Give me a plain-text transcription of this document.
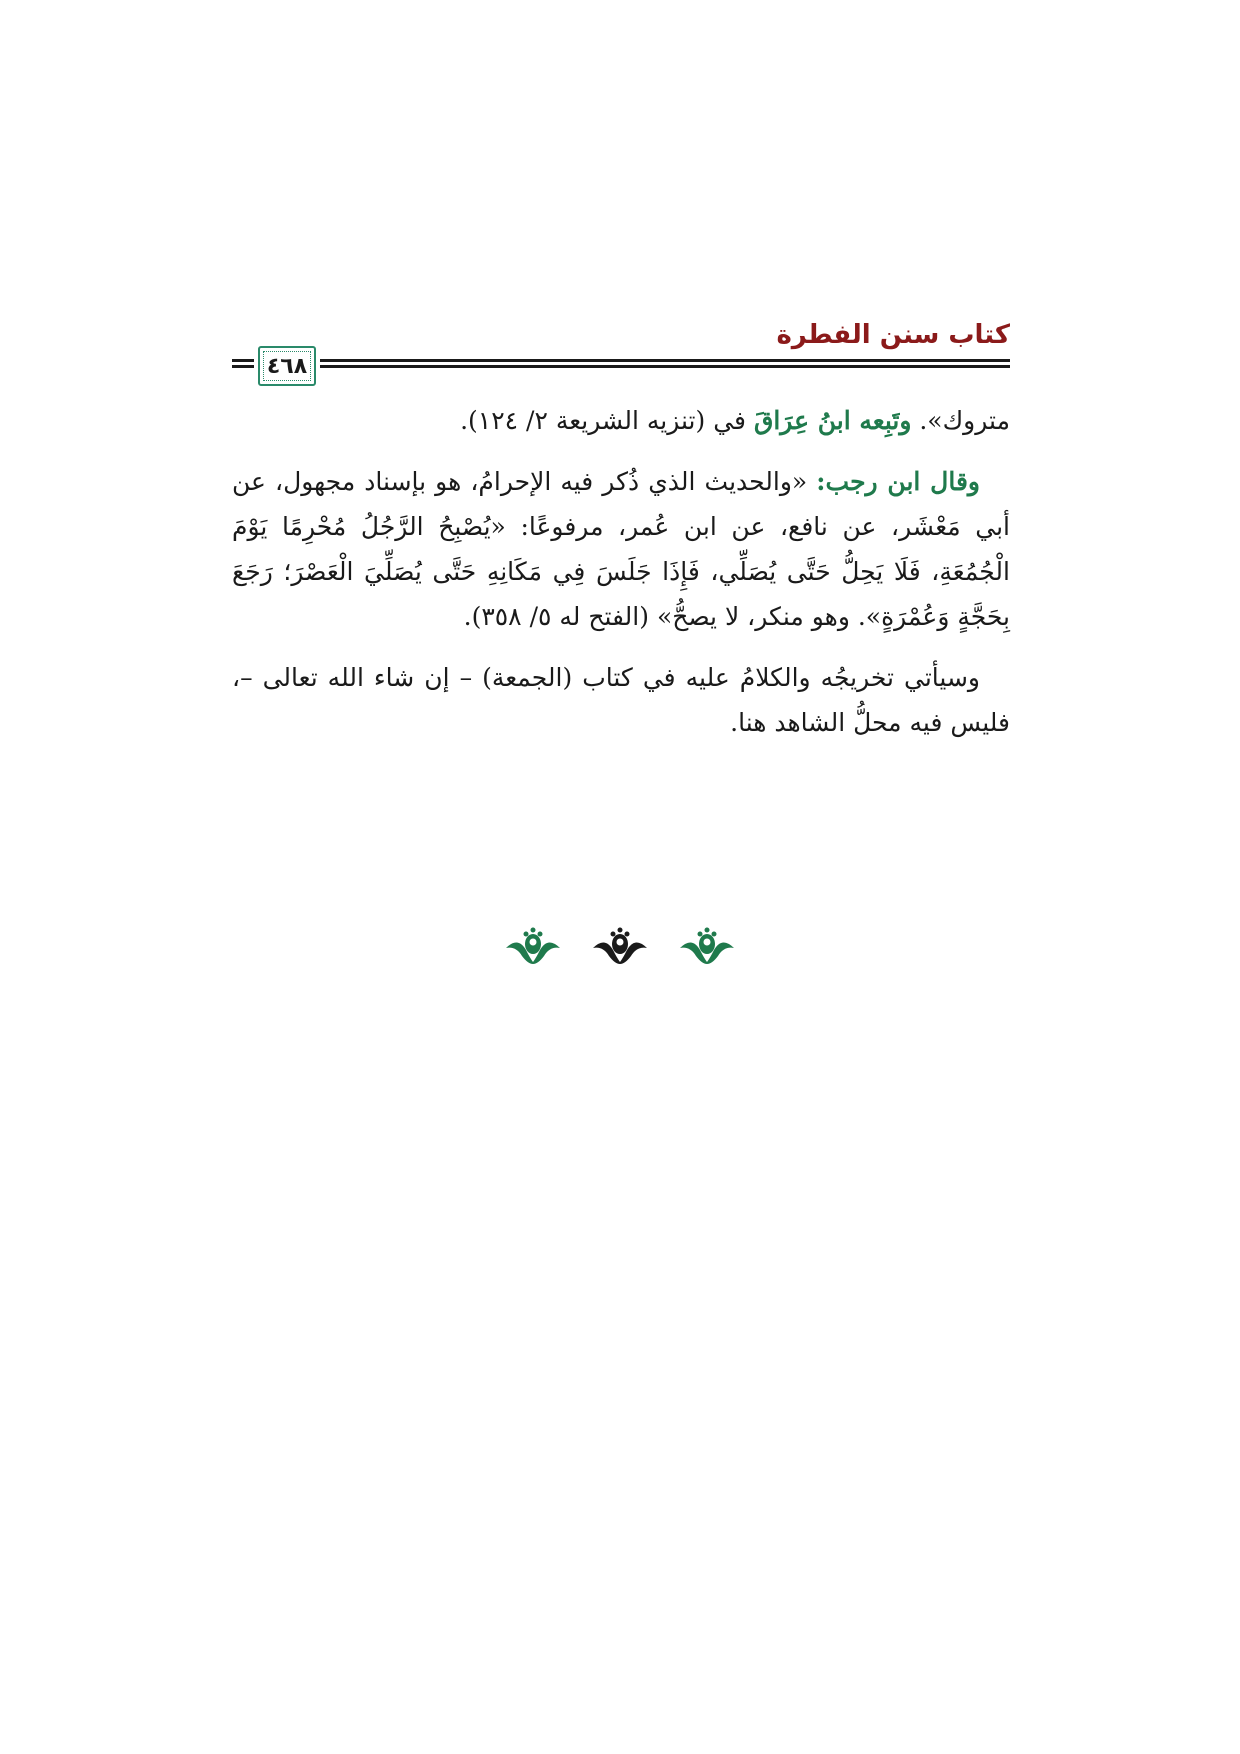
كتاب سنن الفطرة
٤٦٨

متروك». وتَبِعه ابنُ عِرَاقَ في (تنزيه الشريعة ٢/ ١٢٤).

وقال ابن رجب: «والحديث الذي ذُكر فيه الإحرامُ، هو بإسناد مجهول، عن أبي مَعْشَر، عن نافع، عن ابن عُمر، مرفوعًا: «يُصْبِحُ الرَّجُلُ مُحْرِمًا يَوْمَ الْجُمُعَةِ، فَلَا يَحِلُّ حَتَّى يُصَلِّي، فَإِذَا جَلَسَ فِي مَكَانِهِ حَتَّى يُصَلِّيَ الْعَصْرَ؛ رَجَعَ بِحَجَّةٍ وَعُمْرَةٍ». وهو منكر، لا يصحُّ» (الفتح له ٥/ ٣٥٨).

وسيأتي تخريجُه والكلامُ عليه في كتاب (الجمعة) – إن شاء الله تعالى –، فليس فيه محلُّ الشاهد هنا.
